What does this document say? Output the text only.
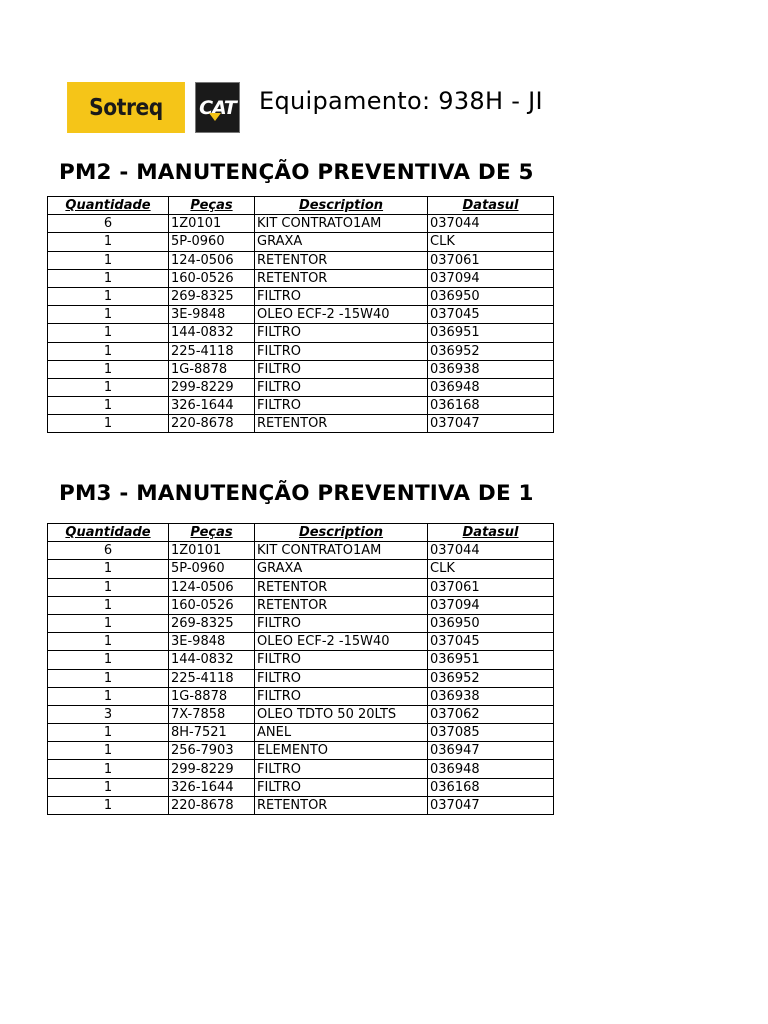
Sotreq	CAT Equipamento: 938H - JI
PM2 - MANUTENÇÃO PREVENTIVA DE 5
Quantidade	Peças	Description	Datasul
6	1Z0101	KIT CONTRATO1AM	037044
1	5P-0960	GRAXA	CLK
1	124-0506	RETENTOR	037061
1	160-0526	RETENTOR	037094
1	269-8325	FILTRO	036950
1	3E-9848	OLEO ECF-2 -15W40	037045
1	144-0832	FILTRO	036951
1	225-4118	FILTRO	036952
1	1G-8878	FILTRO	036938
1	299-8229	FILTRO	036948
1	326-1644	FILTRO	036168
1	220-8678	RETENTOR	037047
PM3 - MANUTENÇÃO PREVENTIVA DE 1
Quantidade	Peças	Description	Datasul
6	1Z0101	KIT CONTRATO1AM	037044
1	5P-0960	GRAXA	CLK
1	124-0506	RETENTOR	037061
1	160-0526	RETENTOR	037094
1	269-8325	FILTRO	036950
1	3E-9848	OLEO ECF-2 -15W40	037045
1	144-0832	FILTRO	036951
1	225-4118	FILTRO	036952
1	1G-8878	FILTRO	036938
3	7X-7858	OLEO TDTO 50 20LTS	037062
1	8H-7521	ANEL	037085
1	256-7903	ELEMENTO	036947
1	299-8229	FILTRO	036948
1	326-1644	FILTRO	036168
1	220-8678	RETENTOR	037047
